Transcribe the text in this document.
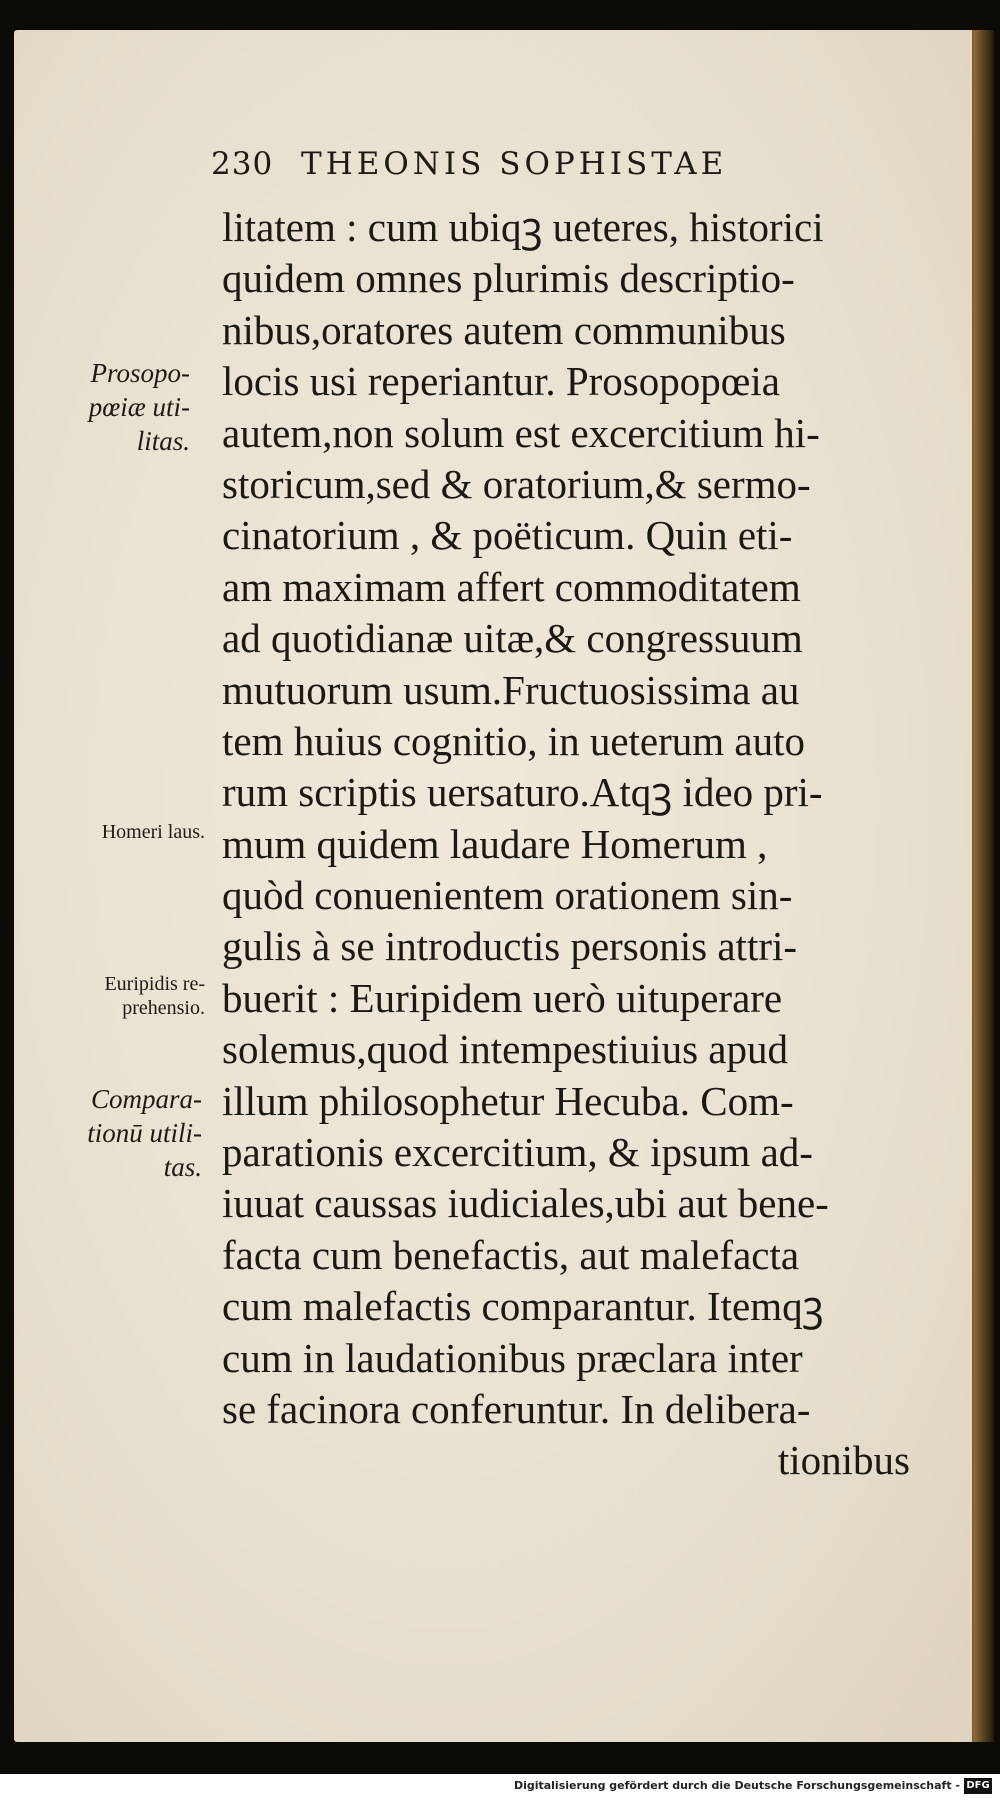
230 THEONIS SOPHISTAE
litatem : cum ubiqꝫ ueteres, historici
quidem omnes plurimis descriptio-
nibus,oratores autem communibus
locis usi reperiantur. Prosopopœia
autem,non solum est excercitium hi-
storicum,sed & oratorium,& sermo-
cinatorium , & poëticum. Quin eti-
am maximam affert commoditatem
ad quotidianæ uitæ,& congressuum
mutuorum usum.Fructuosissima au
tem huius cognitio, in ueterum auto
rum scriptis uersaturo.Atqꝫ ideo pri-
mum quidem laudare Homerum ,
quòd conuenientem orationem sin-
gulis à se introductis personis attri-
buerit : Euripidem uerò uituperare
solemus,quod intempestiuius apud
illum philosophetur Hecuba. Com-
parationis excercitium, & ipsum ad-
iuuat caussas iudiciales,ubi aut bene-
facta cum benefactis, aut malefacta
cum malefactis comparantur. Itemqꝫ
cum in laudationibus præclara inter
se facinora conferuntur. In delibera-
tionibus
Prosopo-
pœiæ uti-
litas.
Homeri laus.
Euripidis re-
prehensio.
Compara-
tionū utili-
tas.
Digitalisierung gefördert durch die Deutsche Forschungsgemeinschaft - DFG
